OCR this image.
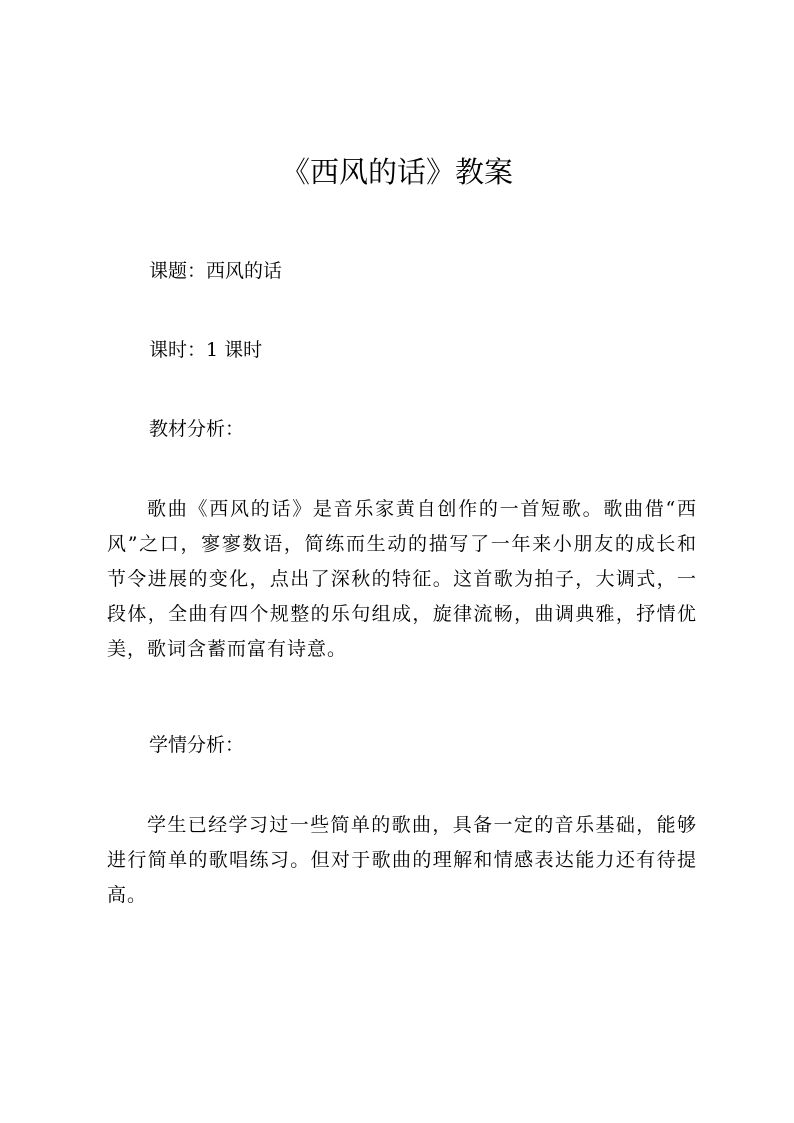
《西风的话》教案
课题：西风的话
课时：1 课时
教材分析：
歌曲《西风的话》是音乐家黄自创作的一首短歌。歌曲借“西风”之口，寥寥数语，简练而生动的描写了一年来小朋友的成长和节令进展的变化，点出了深秋的特征。这首歌为拍子，大调式，一段体，全曲有四个规整的乐句组成，旋律流畅，曲调典雅，抒情优美，歌词含蓄而富有诗意。
学情分析：
学生已经学习过一些简单的歌曲，具备一定的音乐基础，能够进行简单的歌唱练习。但对于歌曲的理解和情感表达能力还有待提高。
